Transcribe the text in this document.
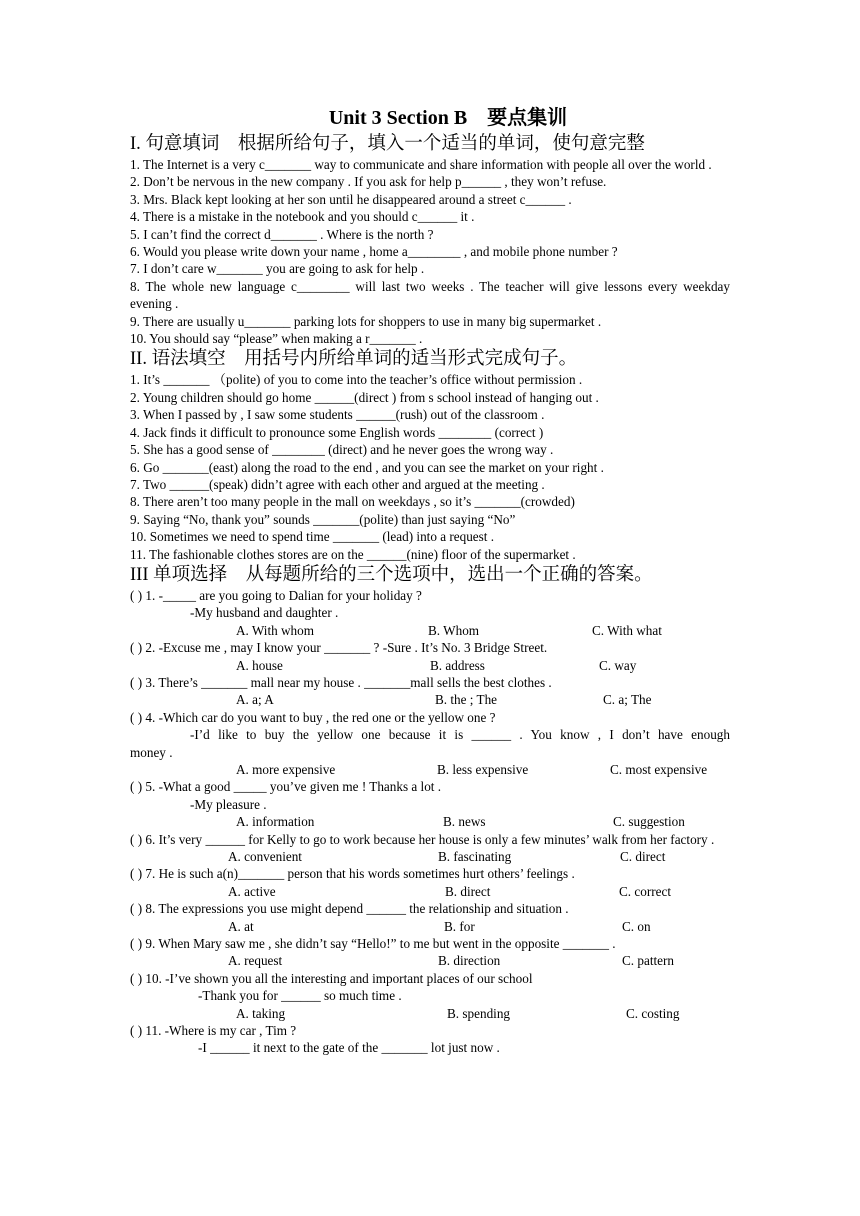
Unit 3 Section B　要点集训
I. 句意填词　根据所给句子，填入一个适当的单词，使句意完整
1. The Internet is a very c_______ way to communicate and share information with people all over the world .
2. Don’t be nervous in the new company . If you ask for help p______ , they won’t refuse.
3. Mrs. Black kept looking at her son until he disappeared around a street c______ .
4. There is a mistake in the notebook and you should c______ it .
5. I can’t find the correct d_______ . Where is the north ?
6. Would you please write down your name , home a________ , and mobile phone number ?
7. I don’t care w_______ you are going to ask for help .
8. The whole new language c________ will last two weeks . The teacher will give lessons every weekday evening .
9. There are usually u_______ parking lots for shoppers to use in many big supermarket .
10. You should say “please” when making a r_______ .
II. 语法填空　用括号内所给单词的适当形式完成句子。
1. It’s _______ （polite) of you to come into the teacher’s office without permission .
2. Young children should go home ______(direct ) from s school instead of hanging out .
3. When I passed by , I saw some students ______(rush) out of the classroom .
4. Jack finds it difficult to pronounce some English words ________ (correct )
5. She has a good sense of ________ (direct) and he never goes the wrong way .
6. Go _______(east) along the road to the end , and you can see the market on your right .
7. Two ______(speak) didn’t agree with each other and argued at the meeting .
8. There aren’t too many people in the mall on weekdays , so it’s _______(crowded)
9. Saying “No, thank you” sounds _______(polite) than just saying “No”
10. Sometimes we need to spend time _______ (lead) into a request .
11. The fashionable clothes stores are on the ______(nine) floor of the supermarket .
III 单项选择　从每题所给的三个选项中，选出一个正确的答案。
( ) 1. -_____ are you going to Dalian for your holiday ?
-My husband and daughter .
A. With whom	B. Whom	C. With what
( ) 2. -Excuse me , may I know your _______ ? -Sure . It’s No. 3 Bridge Street.
A. house	B. address	C. way
( ) 3. There’s _______ mall near my house . _______mall sells the best clothes .
A. a; A	B. the ; The	C. a; The
( ) 4. -Which car do you want to buy , the red one or the yellow one ?
-I’d like to buy the yellow one because it is ______ . You know , I don’t have enough
money .
A. more expensive	B. less expensive	C. most expensive
( ) 5. -What a good _____ you’ve given me ! Thanks a lot .
-My pleasure .
A. information	B. news	C. suggestion
( ) 6. It’s very ______ for Kelly to go to work because her house is only a few minutes’ walk from her factory .
A. convenient	B. fascinating	C. direct
( ) 7. He is such a(n)_______ person that his words sometimes hurt others’ feelings .
A. active	B. direct	C. correct
( ) 8. The expressions you use might depend ______ the relationship and situation .
A. at	B. for	C. on
( ) 9. When Mary saw me , she didn’t say “Hello!” to me but went in the opposite _______ .
A. request	B. direction	C. pattern
( ) 10. -I’ve shown you all the interesting and important places of our school
-Thank you for ______ so much time .
A. taking	B. spending	C. costing
( ) 11. -Where is my car , Tim ?
-I ______ it next to the gate of the _______ lot just now .
